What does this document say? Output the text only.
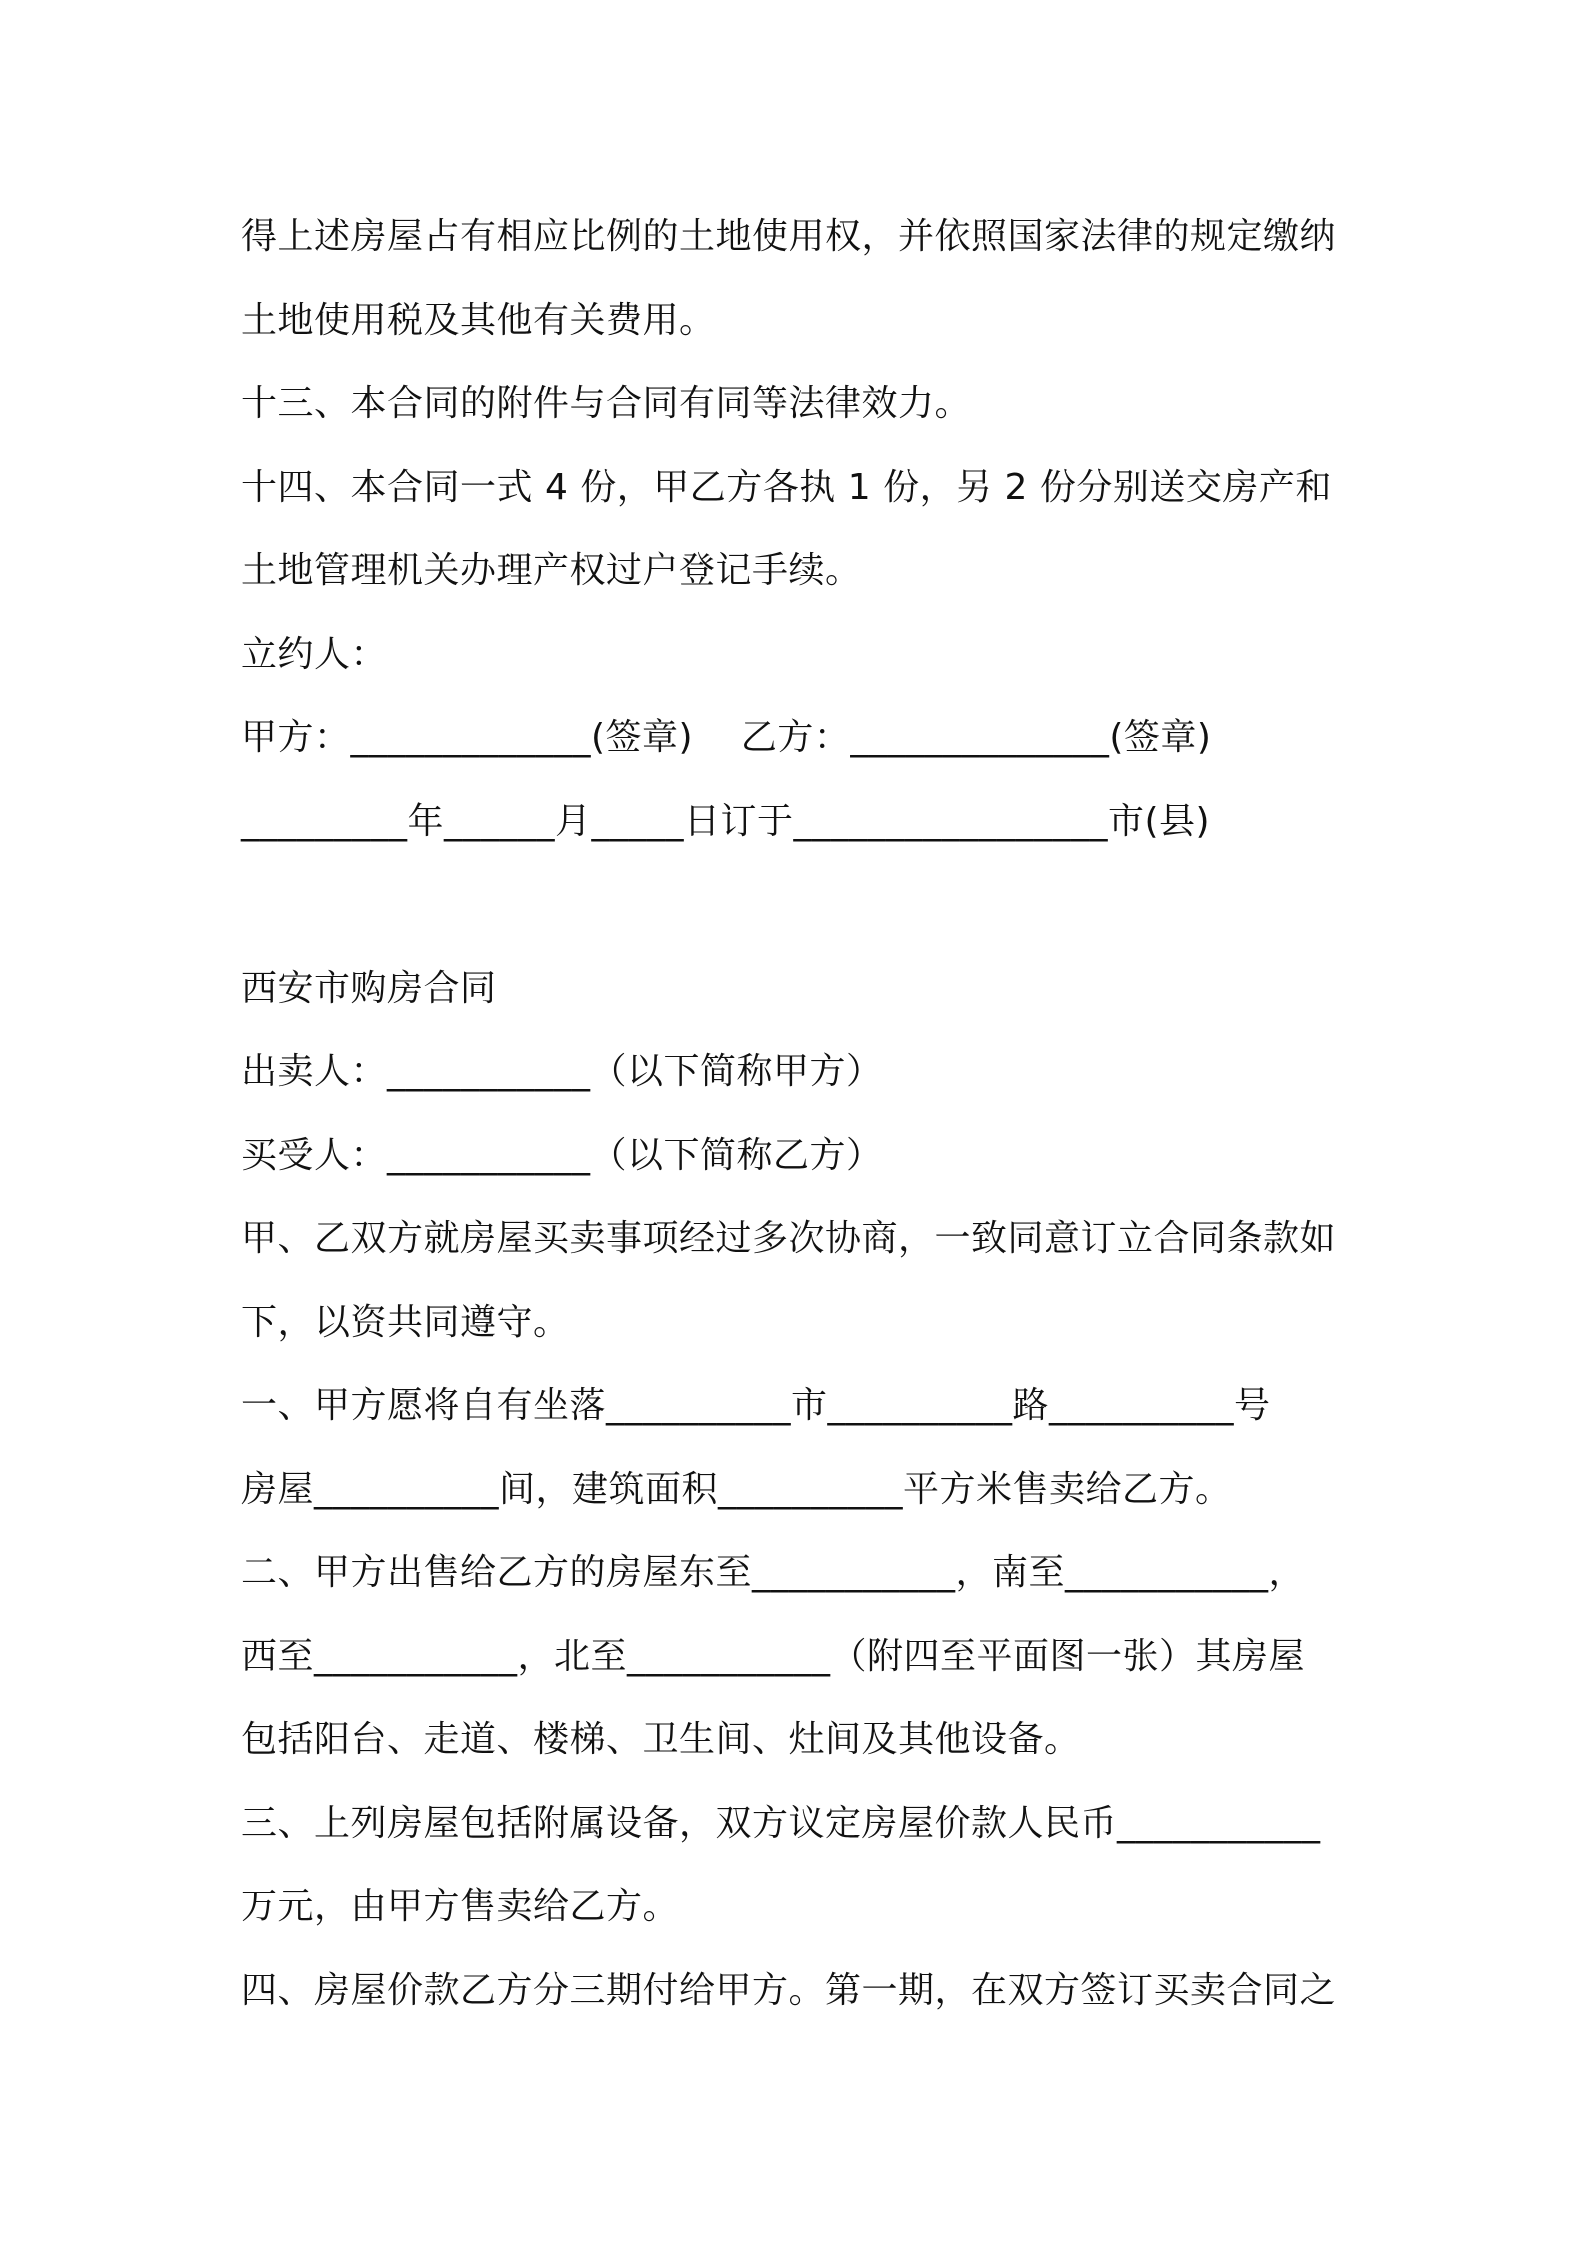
得上述房屋占有相应比例的土地使用权，并依照国家法律的规定缴纳
土地使用税及其他有关费用。
十三、本合同的附件与合同有同等法律效力。
十四、本合同一式 4 份，甲乙方各执 1 份，另 2 份分别送交房产和
土地管理机关办理产权过户登记手续。
立约人：
甲方：_____________(签章)    乙方：______________(签章)
_________年______月_____日订于_________________市(县)
西安市购房合同
出卖人：___________（以下简称甲方）
买受人：___________（以下简称乙方）
甲、乙双方就房屋买卖事项经过多次协商，一致同意订立合同条款如
下，以资共同遵守。
一、甲方愿将自有坐落__________市__________路__________号
房屋__________间，建筑面积__________平方米售卖给乙方。
二、甲方出售给乙方的房屋东至___________，南至___________，
西至___________，北至___________（附四至平面图一张）其房屋
包括阳台、走道、楼梯、卫生间、灶间及其他设备。
三、上列房屋包括附属设备，双方议定房屋价款人民币___________
万元，由甲方售卖给乙方。
四、房屋价款乙方分三期付给甲方。第一期，在双方签订买卖合同之
